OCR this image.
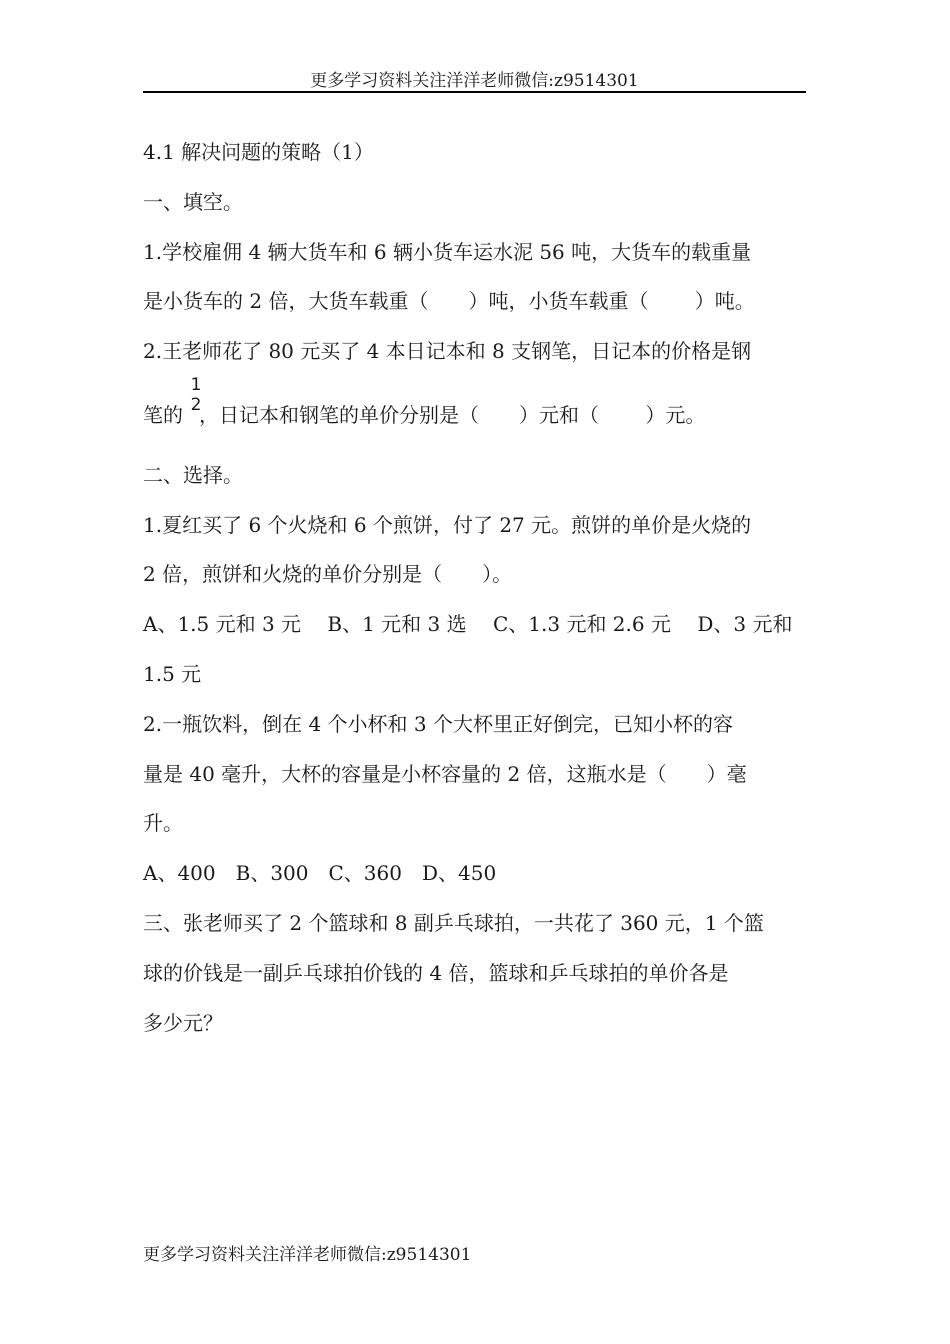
更多学习资料关注洋洋老师微信:z9514301
4.1 解决问题的策略（1）
一、填空。
1.学校雇佣 4 辆大货车和 6 辆小货车运水泥 56 吨，大货车的载重量
是小货车的 2 倍，大货车载重（　　）吨，小货车载重（　　 ）吨。
2.王老师花了 80 元买了 4 本日记本和 8 支钢笔，日记本的价格是钢
1
2
笔的 ，日记本和钢笔的单价分别是（　　）元和（　　 ）元。
二、选择。
1.夏红买了 6 个火烧和 6 个煎饼，付了 27 元。煎饼的单价是火烧的
2 倍，煎饼和火烧的单价分别是（　　）。
A、1.5 元和 3 元　 B、1 元和 3 选　 C、1.3 元和 2.6 元　 D、3 元和
1.5 元
2.一瓶饮料，倒在 4 个小杯和 3 个大杯里正好倒完，已知小杯的容
量是 40 毫升，大杯的容量是小杯容量的 2 倍，这瓶水是（　　）毫
升。
A、400　B、300　C、360　D、450
三、张老师买了 2 个篮球和 8 副乒乓球拍，一共花了 360 元，1 个篮
球的价钱是一副乒乓球拍价钱的 4 倍，篮球和乒乓球拍的单价各是
多少元？
更多学习资料关注洋洋老师微信:z9514301
